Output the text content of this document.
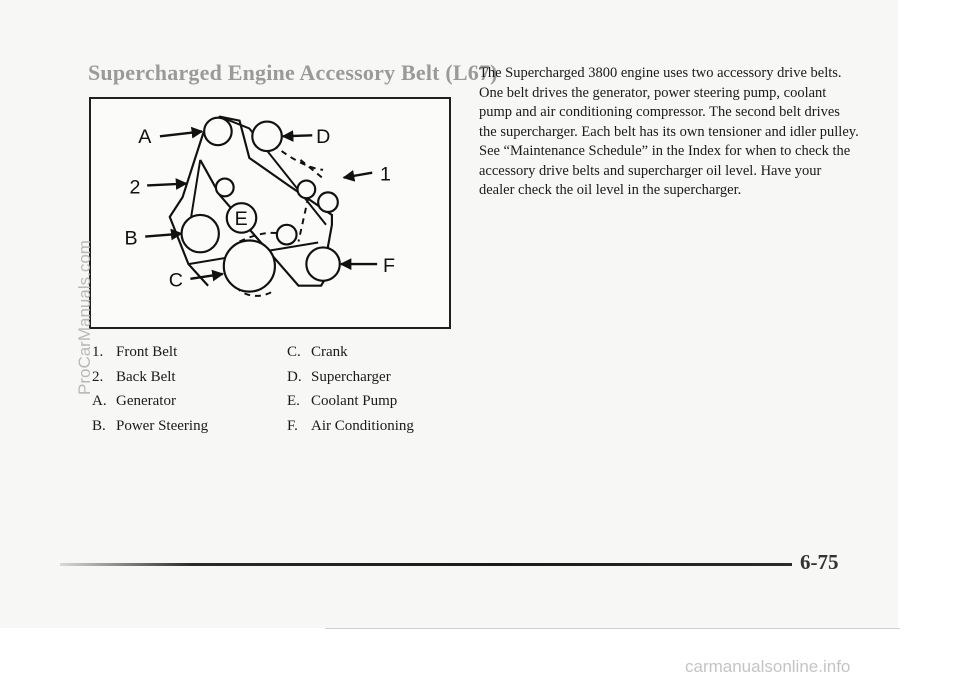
Supercharged Engine Accessory Belt (L67)
A	D
1
2
E
B
F
C
1. Front Belt
2. Back Belt
A. Generator
B. Power Steering
C. Crank
D. Supercharger
E. Coolant Pump
F. Air Conditioning

The Supercharged 3800 engine uses two accessory drive belts. One belt drives the generator, power steering pump, coolant pump and air conditioning compressor. The second belt drives the supercharger. Each belt has its own tensioner and idler pulley. See “Maintenance Schedule” in the Index for when to check the accessory drive belts and supercharger oil level. Have your dealer check the oil level in the supercharger.

6-75
ProCarManuals.com
carmanualsonline.info
